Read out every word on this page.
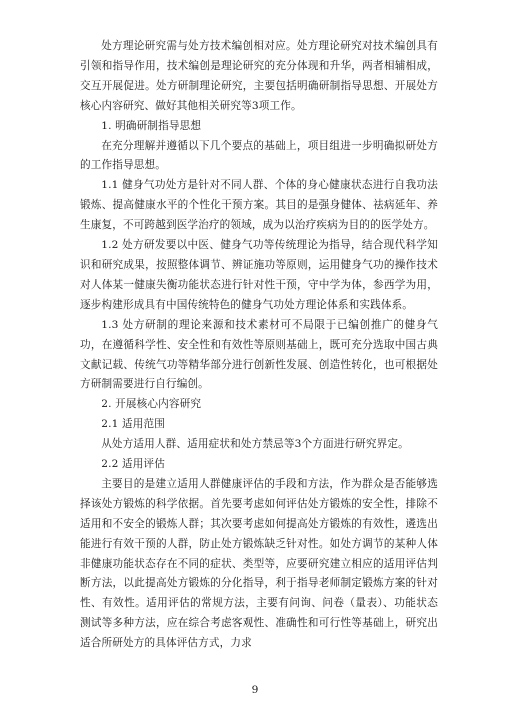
处方理论研究需与处方技术编创相对应。处方理论研究对技术编创具有引领和指导作用，技术编创是理论研究的充分体现和升华，两者相辅相成，交互开展促进。处方研制理论研究，主要包括明确研制指导思想、开展处方核心内容研究、做好其他相关研究等3项工作。

1. 明确研制指导思想

在充分理解并遵循以下几个要点的基础上，项目组进一步明确拟研处方的工作指导思想。

1.1 健身气功处方是针对不同人群、个体的身心健康状态进行自我功法锻炼、提高健康水平的个性化干预方案。其目的是强身健体、祛病延年、养生康复，不可跨越到医学治疗的领域，成为以治疗疾病为目的的医学处方。

1.2 处方研发要以中医、健身气功等传统理论为指导，结合现代科学知识和研究成果，按照整体调节、辨证施功等原则，运用健身气功的操作技术对人体某一健康失衡功能状态进行针对性干预，守中学为体，参西学为用，逐步构建形成具有中国传统特色的健身气功处方理论体系和实践体系。

1.3 处方研制的理论来源和技术素材可不局限于已编创推广的健身气功，在遵循科学性、安全性和有效性等原则基础上，既可充分选取中国古典文献记载、传统气功等精华部分进行创新性发展、创造性转化，也可根据处方研制需要进行自行编创。

2. 开展核心内容研究

2.1 适用范围

从处方适用人群、适用症状和处方禁忌等3个方面进行研究界定。

2.2 适用评估

主要目的是建立适用人群健康评估的手段和方法，作为群众是否能够选择该处方锻炼的科学依据。首先要考虑如何评估处方锻炼的安全性，排除不适用和不安全的锻炼人群；其次要考虑如何提高处方锻炼的有效性，遴选出能进行有效干预的人群，防止处方锻炼缺乏针对性。如处方调节的某种人体非健康功能状态存在不同的症状、类型等，应要研究建立相应的适用评估判断方法，以此提高处方锻炼的分化指导，利于指导老师制定锻炼方案的针对性、有效性。适用评估的常规方法，主要有问询、问卷（量表）、功能状态测试等多种方法，应在综合考虑客观性、准确性和可行性等基础上，研究出适合所研处方的具体评估方式，力求

9
